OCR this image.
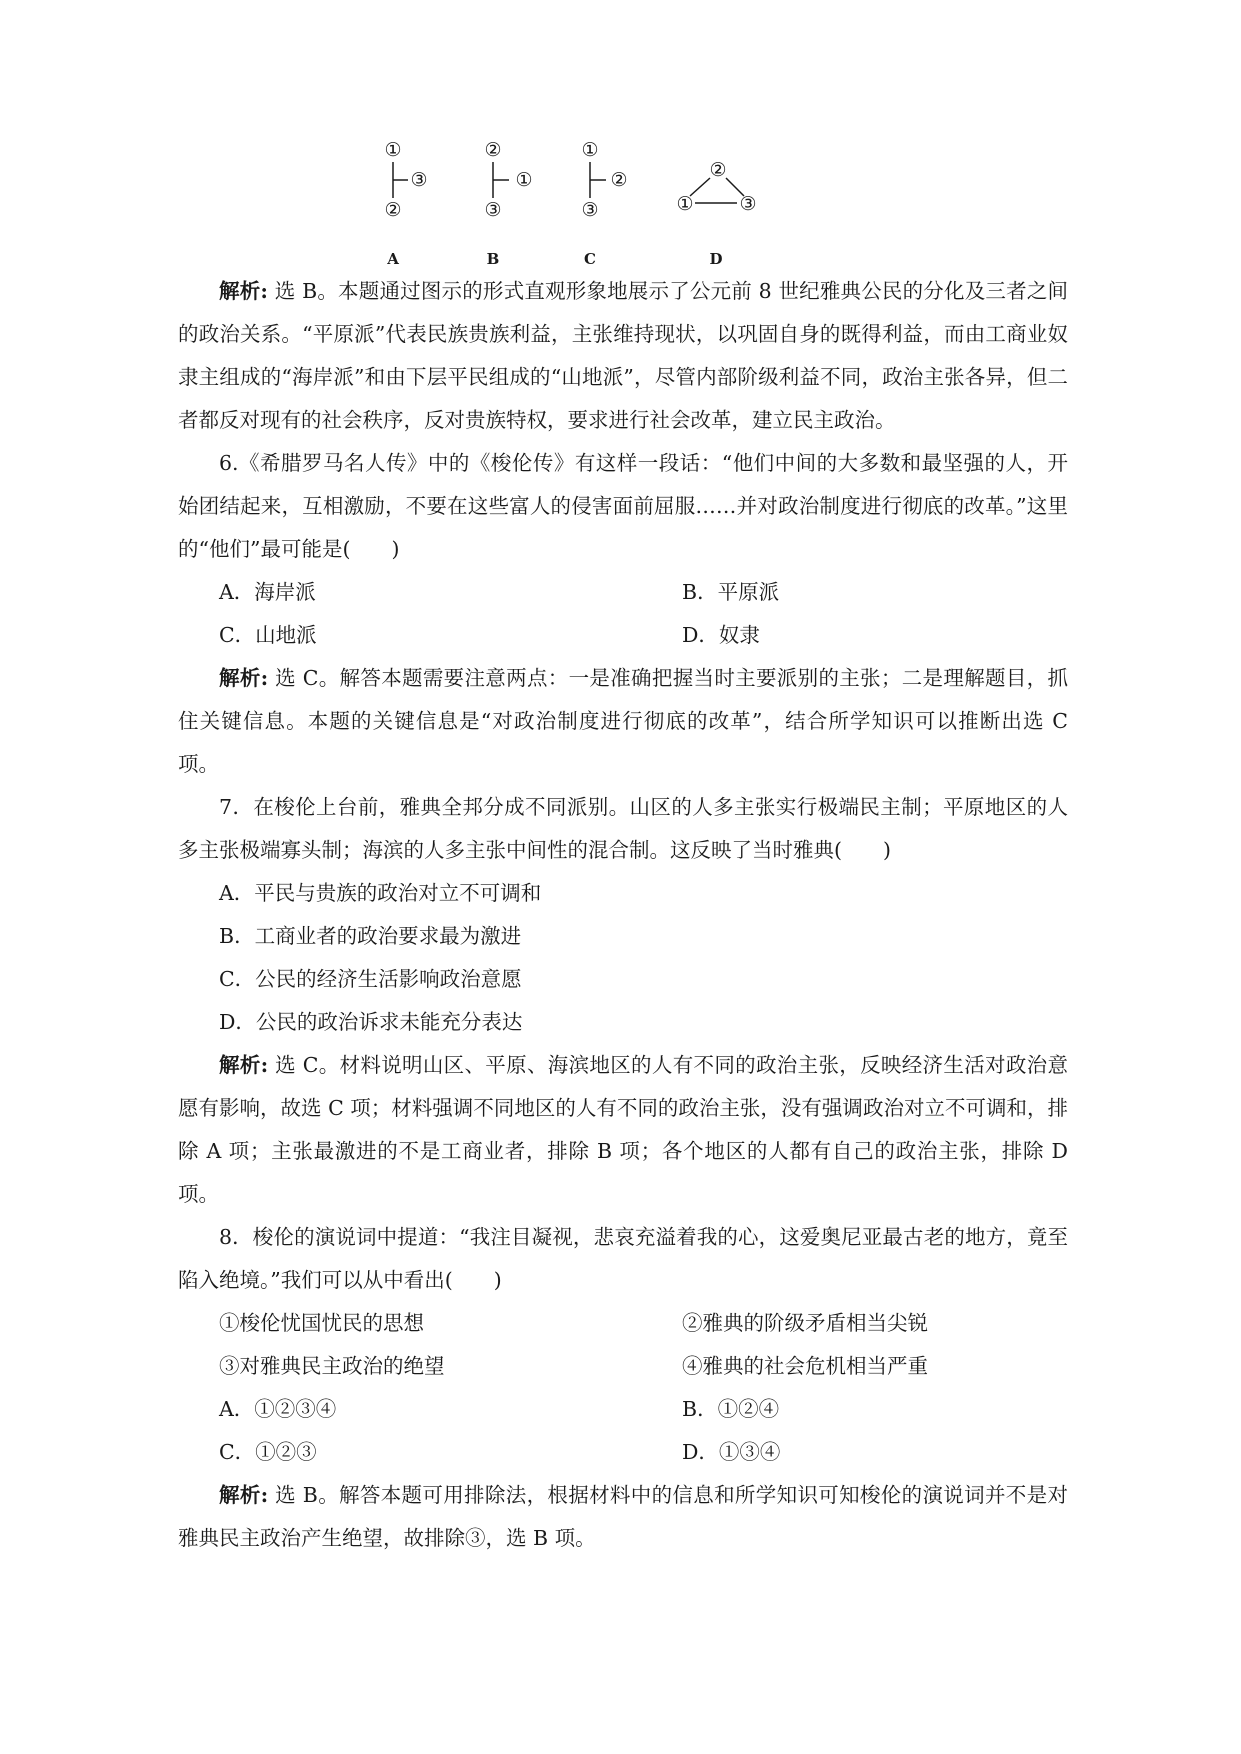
①
③
②
A
②
①
③
B
①
②
③
C
②
① ③
D

解析: 选 B。本题通过图示的形式直观形象地展示了公元前 8 世纪雅典公民的分化及三者之间的政治关系。“平原派”代表民族贵族利益，主张维持现状，以巩固自身的既得利益，而由工商业奴隶主组成的“海岸派”和由下层平民组成的“山地派”，尽管内部阶级利益不同，政治主张各异，但二者都反对现有的社会秩序，反对贵族特权，要求进行社会改革，建立民主政治。

6.《希腊罗马名人传》中的《梭伦传》有这样一段话：“他们中间的大多数和最坚强的人，开始团结起来，互相激励，不要在这些富人的侵害面前屈服……并对政治制度进行彻底的改革。”这里的“他们”最可能是(　　)

A．海岸派	B．平原派
C．山地派	D．奴隶

解析: 选 C。解答本题需要注意两点：一是准确把握当时主要派别的主张；二是理解题目，抓住关键信息。本题的关键信息是“对政治制度进行彻底的改革”，结合所学知识可以推断出选 C 项。

7．在梭伦上台前，雅典全邦分成不同派别。山区的人多主张实行极端民主制；平原地区的人多主张极端寡头制；海滨的人多主张中间性的混合制。这反映了当时雅典(　　)

A．平民与贵族的政治对立不可调和
B．工商业者的政治要求最为激进
C．公民的经济生活影响政治意愿
D．公民的政治诉求未能充分表达

解析: 选 C。材料说明山区、平原、海滨地区的人有不同的政治主张，反映经济生活对政治意愿有影响，故选 C 项；材料强调不同地区的人有不同的政治主张，没有强调政治对立不可调和，排除 A 项；主张最激进的不是工商业者，排除 B 项；各个地区的人都有自己的政治主张，排除 D 项。

8．梭伦的演说词中提道：“我注目凝视，悲哀充溢着我的心，这爱奥尼亚最古老的地方，竟至陷入绝境。”我们可以从中看出(　　)

①梭伦忧国忧民的思想	②雅典的阶级矛盾相当尖锐
③对雅典民主政治的绝望	④雅典的社会危机相当严重
A．①②③④	B．①②④
C．①②③	D．①③④

解析: 选 B。解答本题可用排除法，根据材料中的信息和所学知识可知梭伦的演说词并不是对雅典民主政治产生绝望，故排除③，选 B 项。
